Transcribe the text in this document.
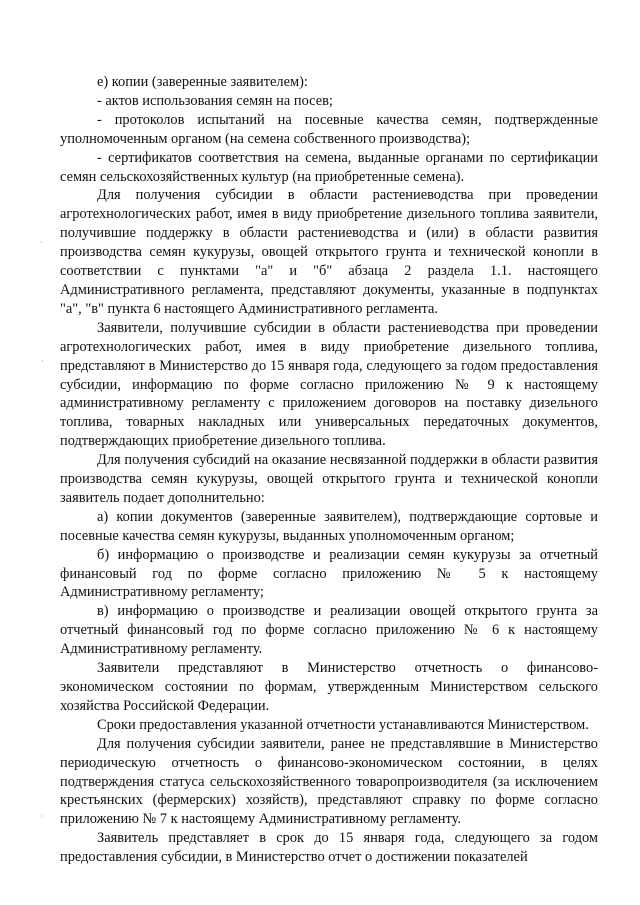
е) копии (заверенные заявителем):

- актов использования семян на посев;

- протоколов испытаний на посевные качества семян, подтвержденные уполномоченным органом (на семена собственного производства);

- сертификатов соответствия на семена, выданные органами по сертификации семян сельскохозяйственных культур (на приобретенные семена).

Для получения субсидии в области растениеводства при проведении агротехнологических работ, имея в виду приобретение дизельного топлива заявители, получившие поддержку в области растениеводства и (или) в области развития производства семян кукурузы, овощей открытого грунта и технической конопли в соответствии с пунктами "а" и "б" абзаца 2 раздела 1.1. настоящего Административного регламента, представляют документы, указанные в подпунктах "а", "в" пункта 6 настоящего Административного регламента.

Заявители, получившие субсидии в области растениеводства при проведении агротехнологических работ, имея в виду приобретение дизельного топлива, представляют в Министерство до 15 января года, следующего за годом предоставления субсидии, информацию по форме согласно приложению № 9 к настоящему административному регламенту с приложением договоров на поставку дизельного топлива, товарных накладных или универсальных передаточных документов, подтверждающих приобретение дизельного топлива.

Для получения субсидий на оказание несвязанной поддержки в области развития производства семян кукурузы, овощей открытого грунта и технической конопли заявитель подает дополнительно:

а) копии документов (заверенные заявителем), подтверждающие сортовые и посевные качества семян кукурузы, выданных уполномоченным органом;

б) информацию о производстве и реализации семян кукурузы за отчетный финансовый год по форме согласно приложению № 5 к настоящему Административному регламенту;

в) информацию о производстве и реализации овощей открытого грунта за отчетный финансовый год по форме согласно приложению № 6 к настоящему Административному регламенту.

Заявители представляют в Министерство отчетность о финансово-экономическом состоянии по формам, утвержденным Министерством сельского хозяйства Российской Федерации.

Сроки предоставления указанной отчетности устанавливаются Министерством.

Для получения субсидии заявители, ранее не представлявшие в Министерство периодическую отчетность о финансово-экономическом состоянии, в целях подтверждения статуса сельскохозяйственного товаропроизводителя (за исключением крестьянских (фермерских) хозяйств), представляют справку по форме согласно приложению № 7 к настоящему Административному регламенту.

Заявитель представляет в срок до 15 января года, следующего за годом предоставления субсидии, в Министерство отчет о достижении показателей

·
·
·
